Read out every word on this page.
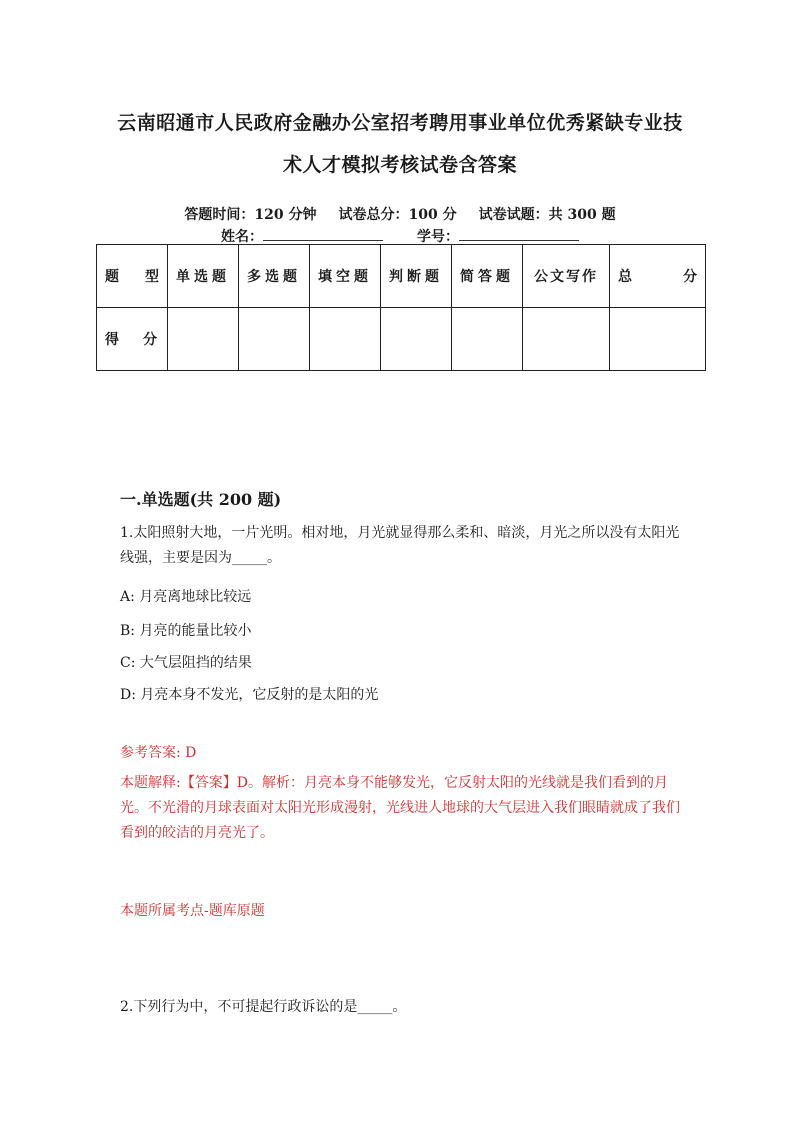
云南昭通市人民政府金融办公室招考聘用事业单位优秀紧缺专业技
术人才模拟考核试卷含答案
答题时间：120 分钟 试卷总分：100 分 试卷试题：共 300 题
姓名：	学号：
题 型	单选题	多选题	填空题	判断题	简答题	公文写作	总 分

得 分							

一.单选题(共 200 题)
1.太阳照射大地，一片光明。相对地，月光就显得那么柔和、暗淡，月光之所以没有太阳光线强，主要是因为_____。
A: 月亮离地球比较远
B: 月亮的能量比较小
C: 大气层阻挡的结果
D: 月亮本身不发光，它反射的是太阳的光
参考答案: D
本题解释:【答案】D。解析：月亮本身不能够发光，它反射太阳的光线就是我们看到的月光。不光滑的月球表面对太阳光形成漫射，光线进人地球的大气层进入我们眼睛就成了我们看到的皎洁的月亮光了。
本题所属考点-题库原题
2.下列行为中，不可提起行政诉讼的是_____。
